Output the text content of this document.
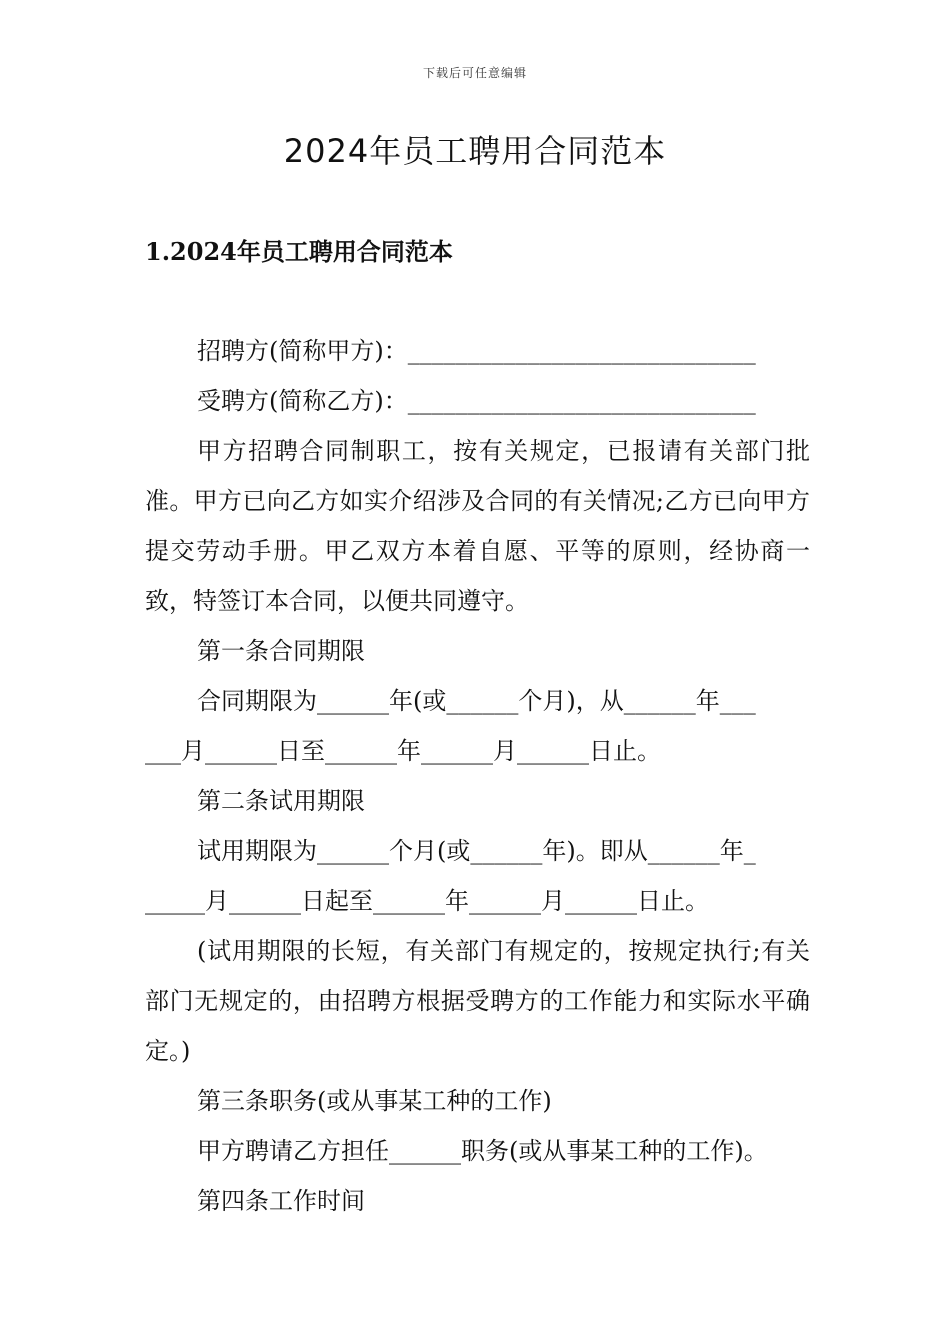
下载后可任意编辑
2024年员工聘用合同范本
1.2024年员工聘用合同范本
招聘方(简称甲方)：_____________________________
受聘方(简称乙方)：_____________________________

甲方招聘合同制职工，按有关规定，已报请有关部门批准。甲方已向乙方如实介绍涉及合同的有关情况;乙方已向甲方提交劳动手册。甲乙双方本着自愿、平等的原则，经协商一致，特签订本合同，以便共同遵守。

第一条合同期限
合同期限为______年(或______个月)，从______年___
___月______日至______年______月______日止。
第二条试用期限
试用期限为______个月(或______年)。即从______年_
_____月______日起至______年______月______日止。

(试用期限的长短，有关部门有规定的，按规定执行;有关部门无规定的，由招聘方根据受聘方的工作能力和实际水平确定。)

第三条职务(或从事某工种的工作)
甲方聘请乙方担任______职务(或从事某工种的工作)。
第四条工作时间
